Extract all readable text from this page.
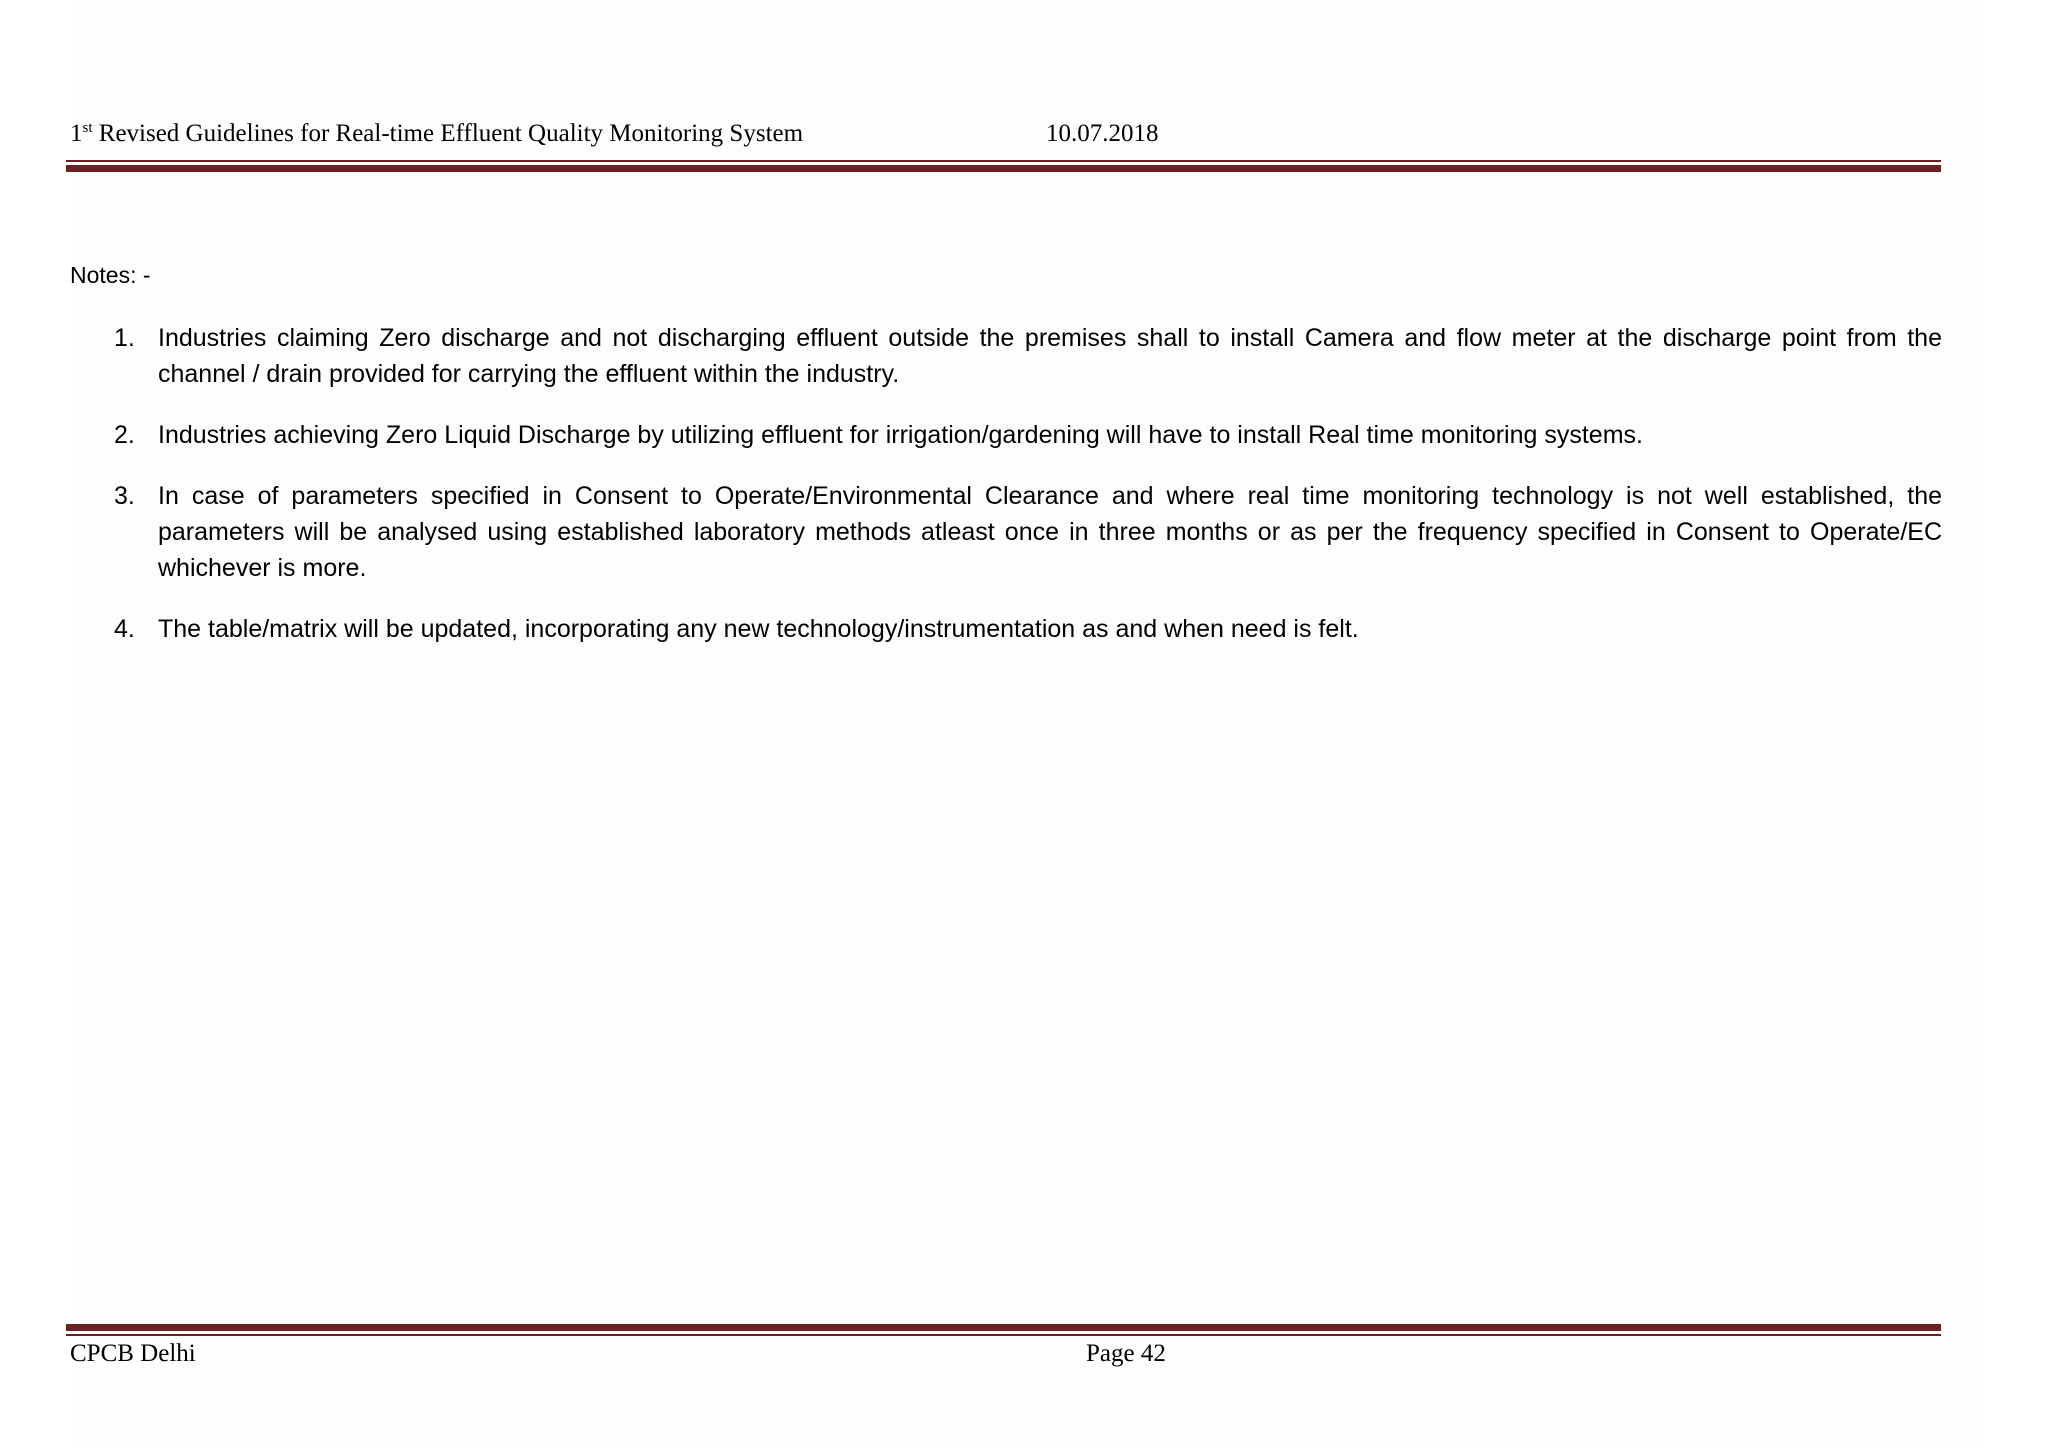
1st Revised Guidelines for Real-time Effluent Quality Monitoring System	10.07.2018
Notes: -
1. Industries claiming Zero discharge and not discharging effluent outside the premises shall to install Camera and flow meter at the discharge point from the channel / drain provided for carrying the effluent within the industry.
2. Industries achieving Zero Liquid Discharge by utilizing effluent for irrigation/gardening will have to install Real time monitoring systems.
3. In case of parameters specified in Consent to Operate/Environmental Clearance and where real time monitoring technology is not well established, the parameters will be analysed using established laboratory methods atleast once in three months or as per the frequency specified in Consent to Operate/EC whichever is more.
4. The table/matrix will be updated, incorporating any new technology/instrumentation as and when need is felt.
CPCB Delhi	Page 42
